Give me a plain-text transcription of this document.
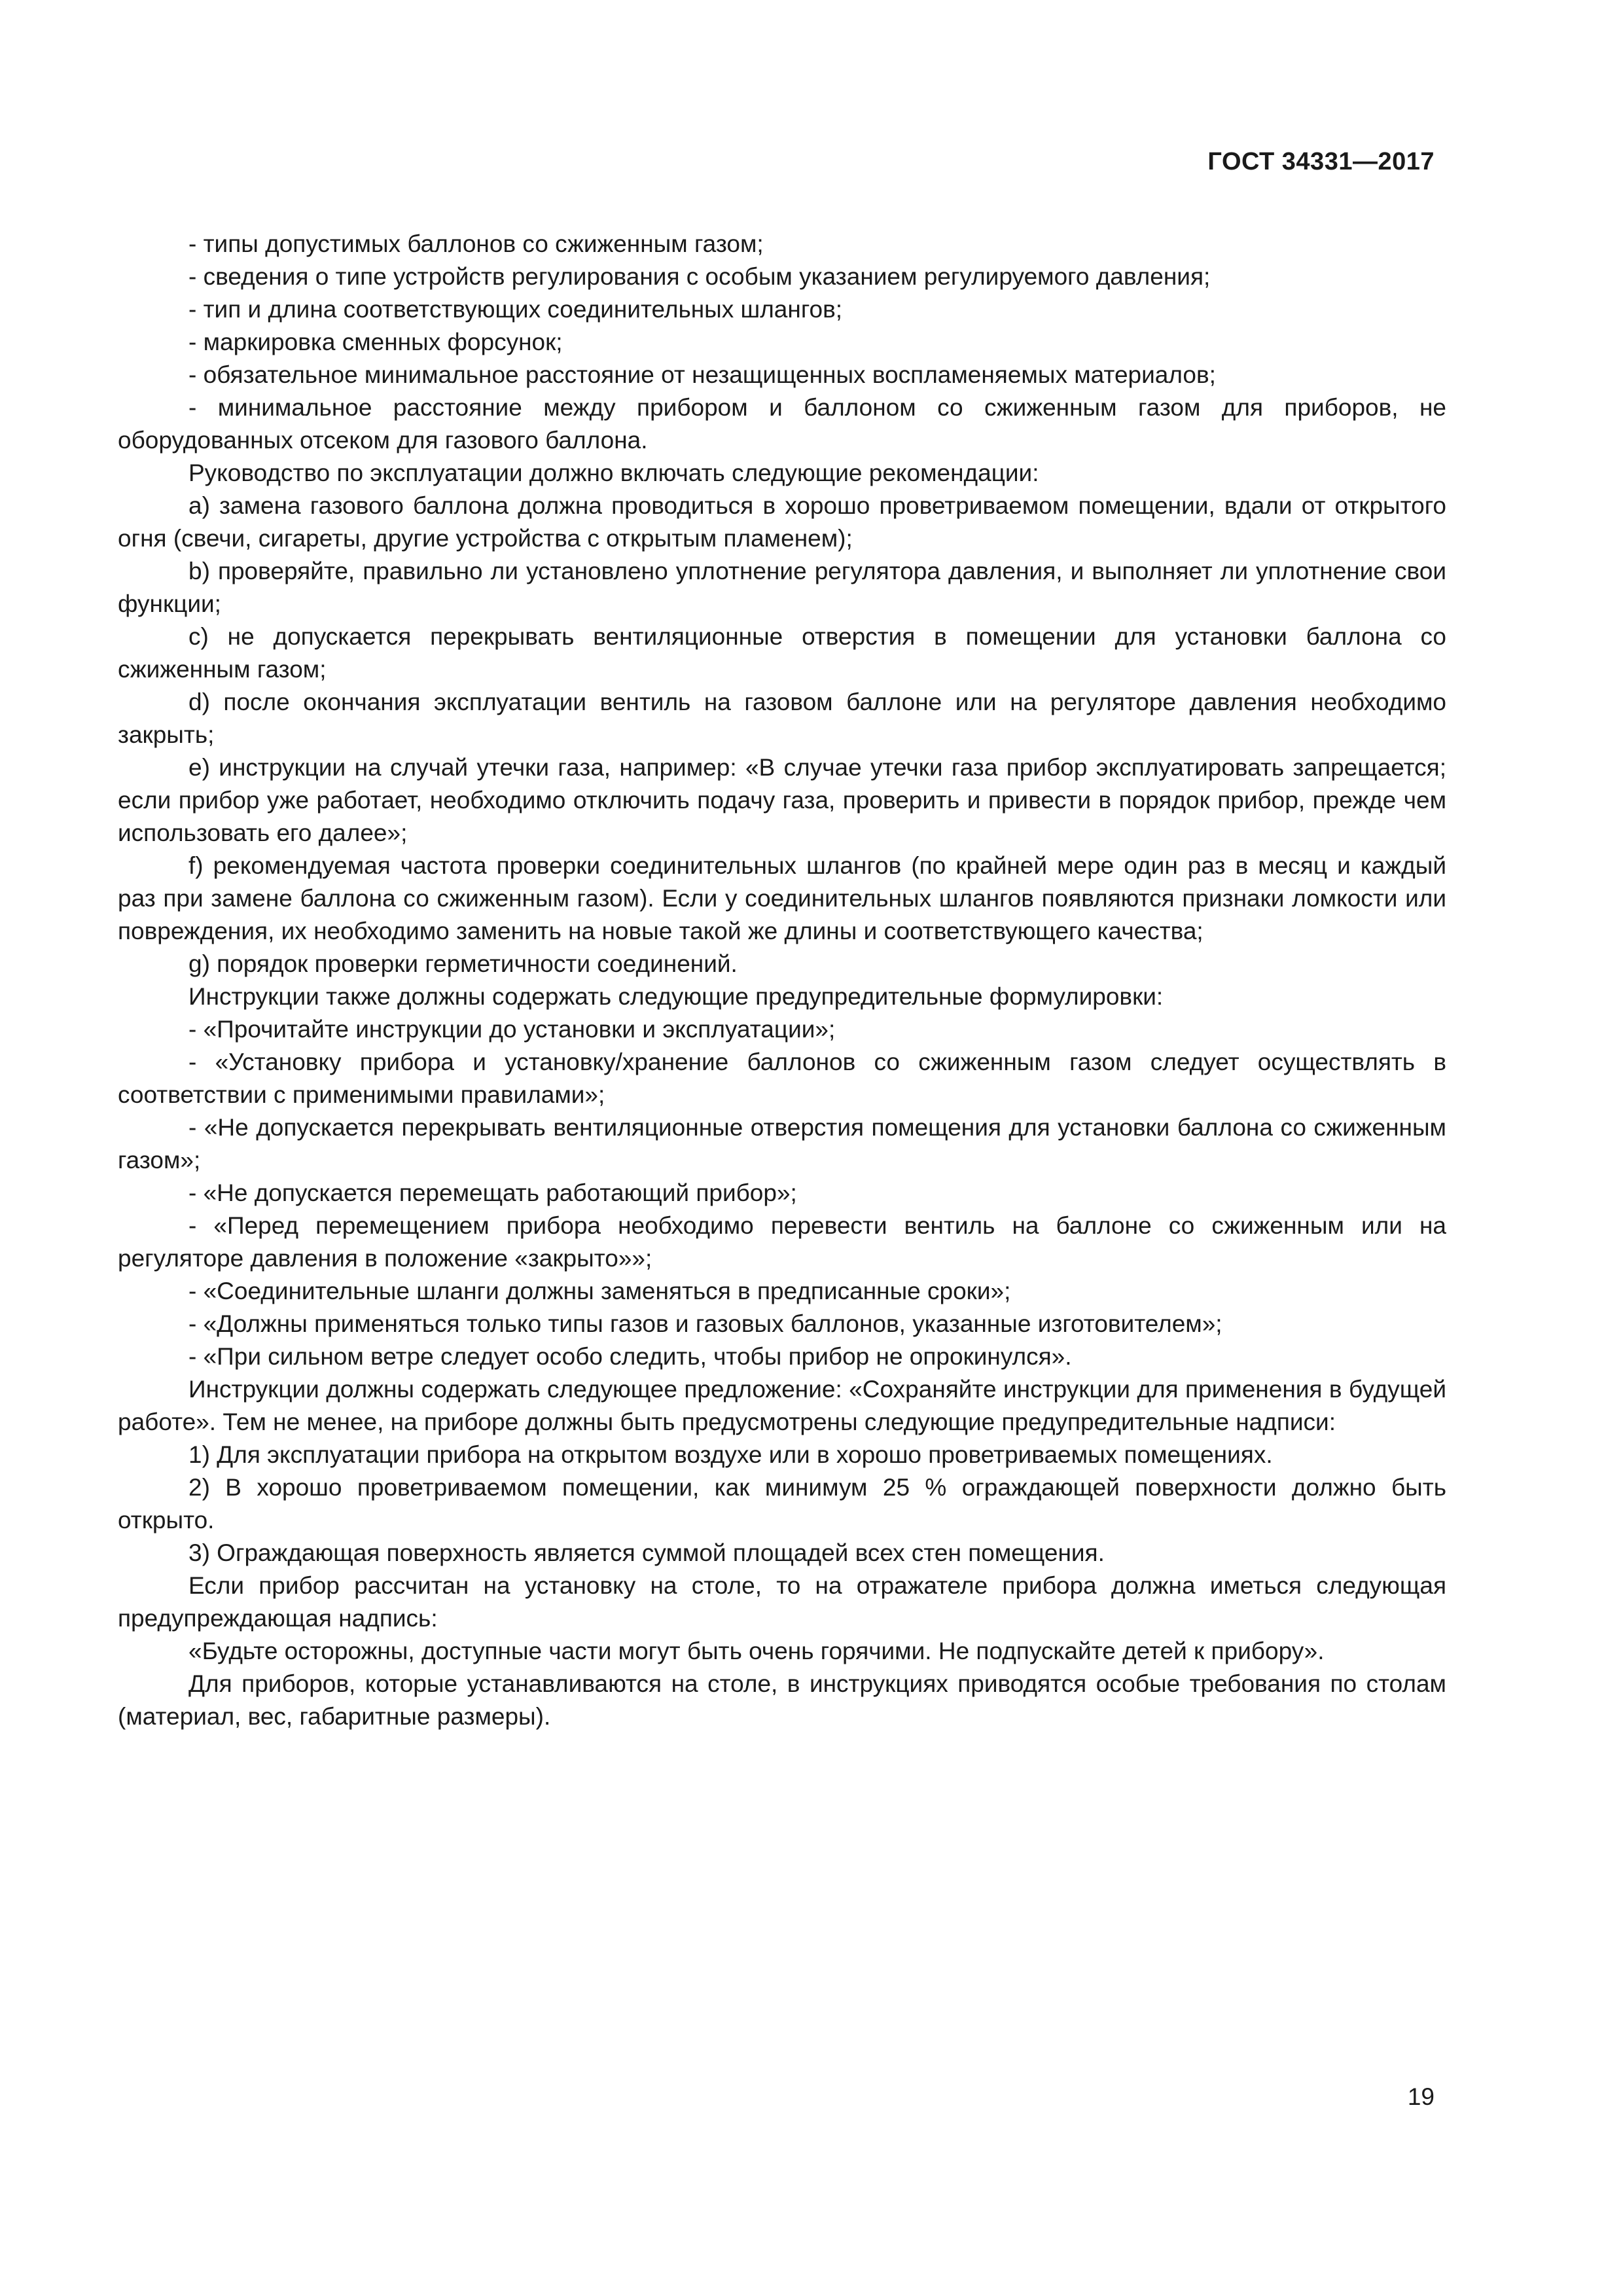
ГОСТ 34331—2017

- типы допустимых баллонов со сжиженным газом;

- сведения о типе устройств регулирования с особым указанием регулируемого давления;

- тип и длина соответствующих соединительных шлангов;

- маркировка сменных форсунок;

- обязательное минимальное расстояние от незащищенных воспламеняемых материалов;

- минимальное расстояние между прибором и баллоном со сжиженным газом для приборов, не оборудованных отсеком для газового баллона.

Руководство по эксплуатации должно включать следующие рекомендации:

a) замена газового баллона должна проводиться в хорошо проветриваемом помещении, вдали от открытого огня (свечи, сигареты, другие устройства с открытым пламенем);

b) проверяйте, правильно ли установлено уплотнение регулятора давления, и выполняет ли уплотнение свои функции;

c) не допускается перекрывать вентиляционные отверстия в помещении для установки баллона со сжиженным газом;

d) после окончания эксплуатации вентиль на газовом баллоне или на регуляторе давления необходимо закрыть;

e) инструкции на случай утечки газа, например: «В случае утечки газа прибор эксплуатировать запрещается; если прибор уже работает, необходимо отключить подачу газа, проверить и привести в порядок прибор, прежде чем использовать его далее»;

f) рекомендуемая частота проверки соединительных шлангов (по крайней мере один раз в месяц и каждый раз при замене баллона со сжиженным газом). Если у соединительных шлангов появляются признаки ломкости или повреждения, их необходимо заменить на новые такой же длины и соответствующего качества;

g) порядок проверки герметичности соединений.

Инструкции также должны содержать следующие предупредительные формулировки:

- «Прочитайте инструкции до установки и эксплуатации»;

- «Установку прибора и установку/хранение баллонов со сжиженным газом следует осуществлять в соответствии с применимыми правилами»;

- «Не допускается перекрывать вентиляционные отверстия помещения для установки баллона со сжиженным газом»;

- «Не допускается перемещать работающий прибор»;

- «Перед перемещением прибора необходимо перевести вентиль на баллоне со сжиженным или на регуляторе давления в положение «закрыто»»;

- «Соединительные шланги должны заменяться в предписанные сроки»;

- «Должны применяться только типы газов и газовых баллонов, указанные изготовителем»;

- «При сильном ветре следует особо следить, чтобы прибор не опрокинулся».

Инструкции должны содержать следующее предложение: «Сохраняйте инструкции для применения в будущей работе». Тем не менее, на приборе должны быть предусмотрены следующие предупредительные надписи:

1) Для эксплуатации прибора на открытом воздухе или в хорошо проветриваемых помещениях.

2) В хорошо проветриваемом помещении, как минимум 25 % ограждающей поверхности должно быть открыто.

3) Ограждающая поверхность является суммой площадей всех стен помещения.

Если прибор рассчитан на установку на столе, то на отражателе прибора должна иметься следующая предупреждающая надпись:

«Будьте осторожны, доступные части могут быть очень горячими. Не подпускайте детей к прибору».

Для приборов, которые устанавливаются на столе, в инструкциях приводятся особые требования по столам (материал, вес, габаритные размеры).

19
